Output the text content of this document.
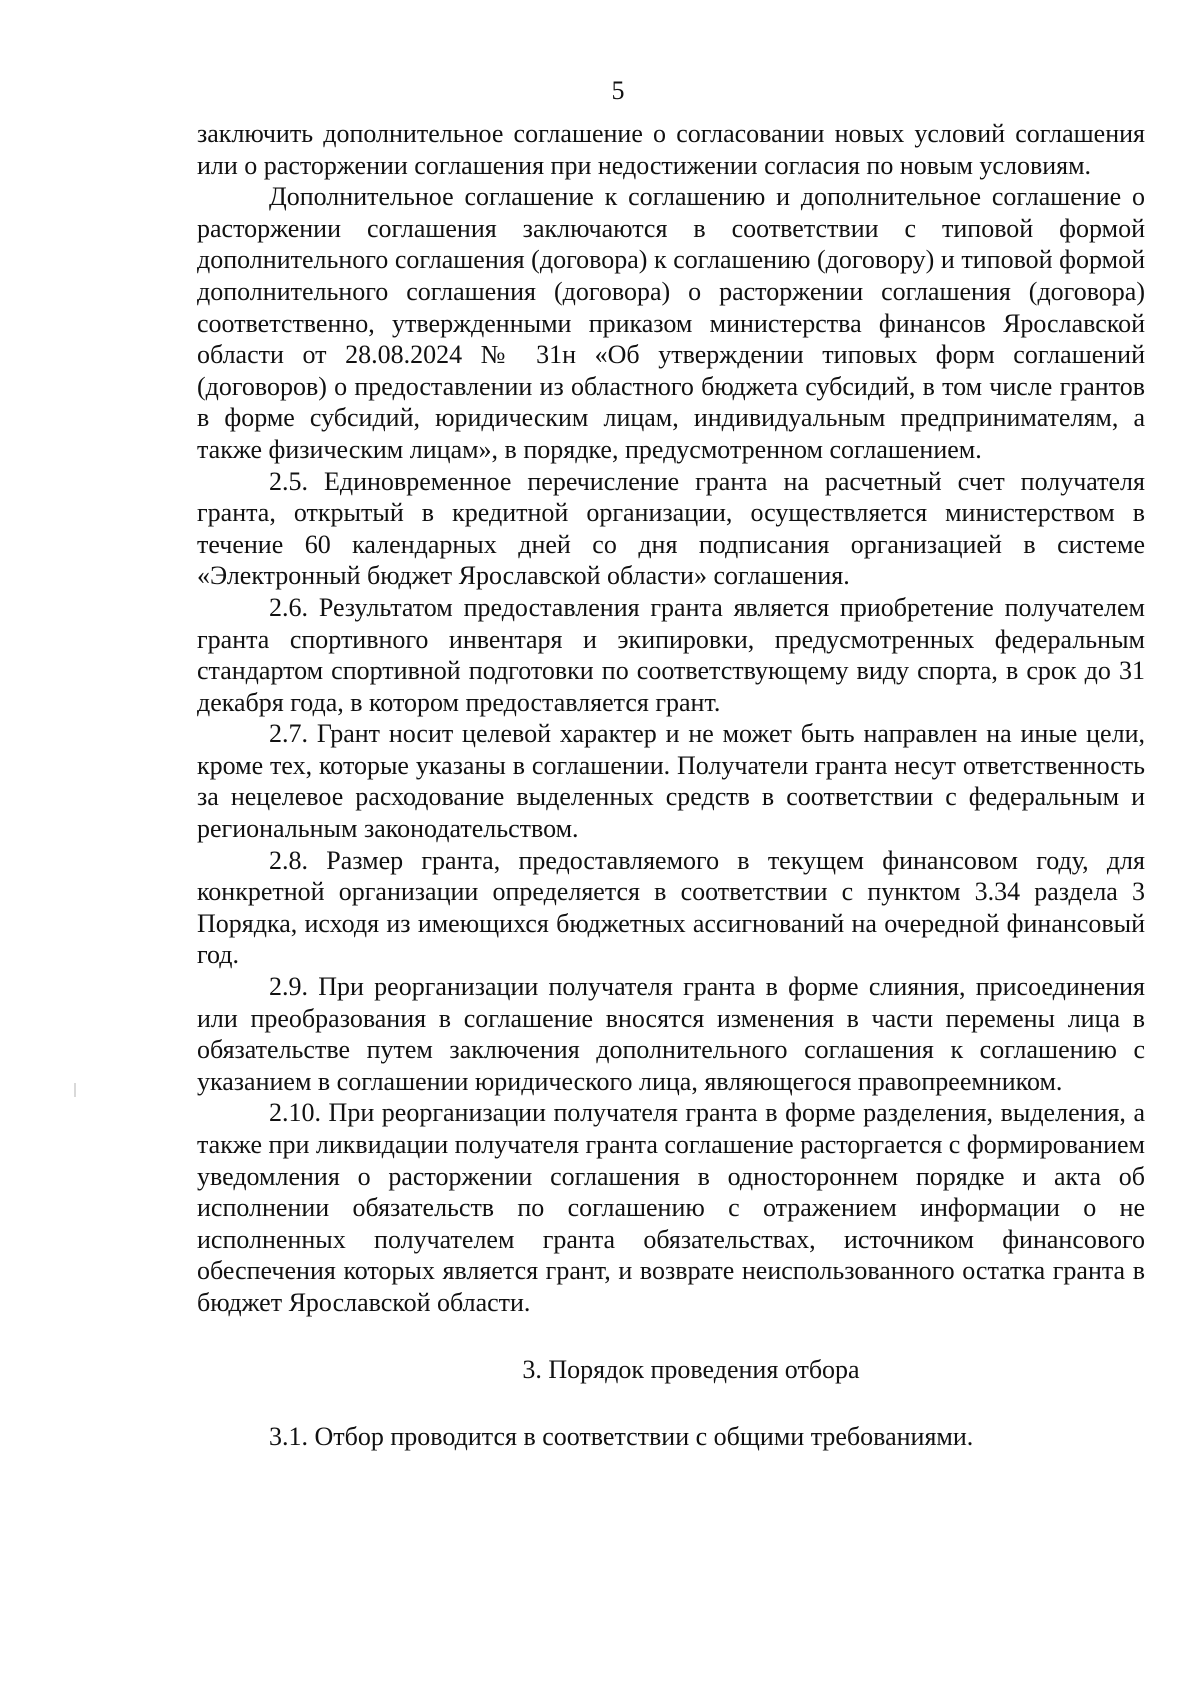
5

заключить дополнительное соглашение о согласовании новых условий соглашения или о расторжении соглашения при недостижении согласия по новым условиям.

Дополнительное соглашение к соглашению и дополнительное соглашение о расторжении соглашения заключаются в соответствии с типовой формой дополнительного соглашения (договора) к соглашению (договору) и типовой формой дополнительного соглашения (договора) о расторжении соглашения (договора) соответственно, утвержденными приказом министерства финансов Ярославской области от 28.08.2024 № 31н «Об утверждении типовых форм соглашений (договоров) о предоставлении из областного бюджета субсидий, в том числе грантов в форме субсидий, юридическим лицам, индивидуальным предпринимателям, а также физическим лицам», в порядке, предусмотренном соглашением.

2.5. Единовременное перечисление гранта на расчетный счет получателя гранта, открытый в кредитной организации, осуществляется министерством в течение 60 календарных дней со дня подписания организацией в системе «Электронный бюджет Ярославской области» соглашения.

2.6. Результатом предоставления гранта является приобретение получателем гранта спортивного инвентаря и экипировки, предусмотренных федеральным стандартом спортивной подготовки по соответствующему виду спорта, в срок до 31 декабря года, в котором предоставляется грант.

2.7. Грант носит целевой характер и не может быть направлен на иные цели, кроме тех, которые указаны в соглашении. Получатели гранта несут ответственность за нецелевое расходование выделенных средств в соответствии с федеральным и региональным законодательством.

2.8. Размер гранта, предоставляемого в текущем финансовом году, для конкретной организации определяется в соответствии с пунктом 3.34 раздела 3 Порядка, исходя из имеющихся бюджетных ассигнований на очередной финансовый год.

2.9. При реорганизации получателя гранта в форме слияния, присоединения или преобразования в соглашение вносятся изменения в части перемены лица в обязательстве путем заключения дополнительного соглашения к соглашению с указанием в соглашении юридического лица, являющегося правопреемником.

2.10. При реорганизации получателя гранта в форме разделения, выделения, а также при ликвидации получателя гранта соглашение расторгается с формированием уведомления о расторжении соглашения в одностороннем порядке и акта об исполнении обязательств по соглашению с отражением информации о не исполненных получателем гранта обязательствах, источником финансового обеспечения которых является грант, и возврате неиспользованного остатка гранта в бюджет Ярославской области.

3. Порядок проведения отбора

3.1. Отбор проводится в соответствии с общими требованиями.
